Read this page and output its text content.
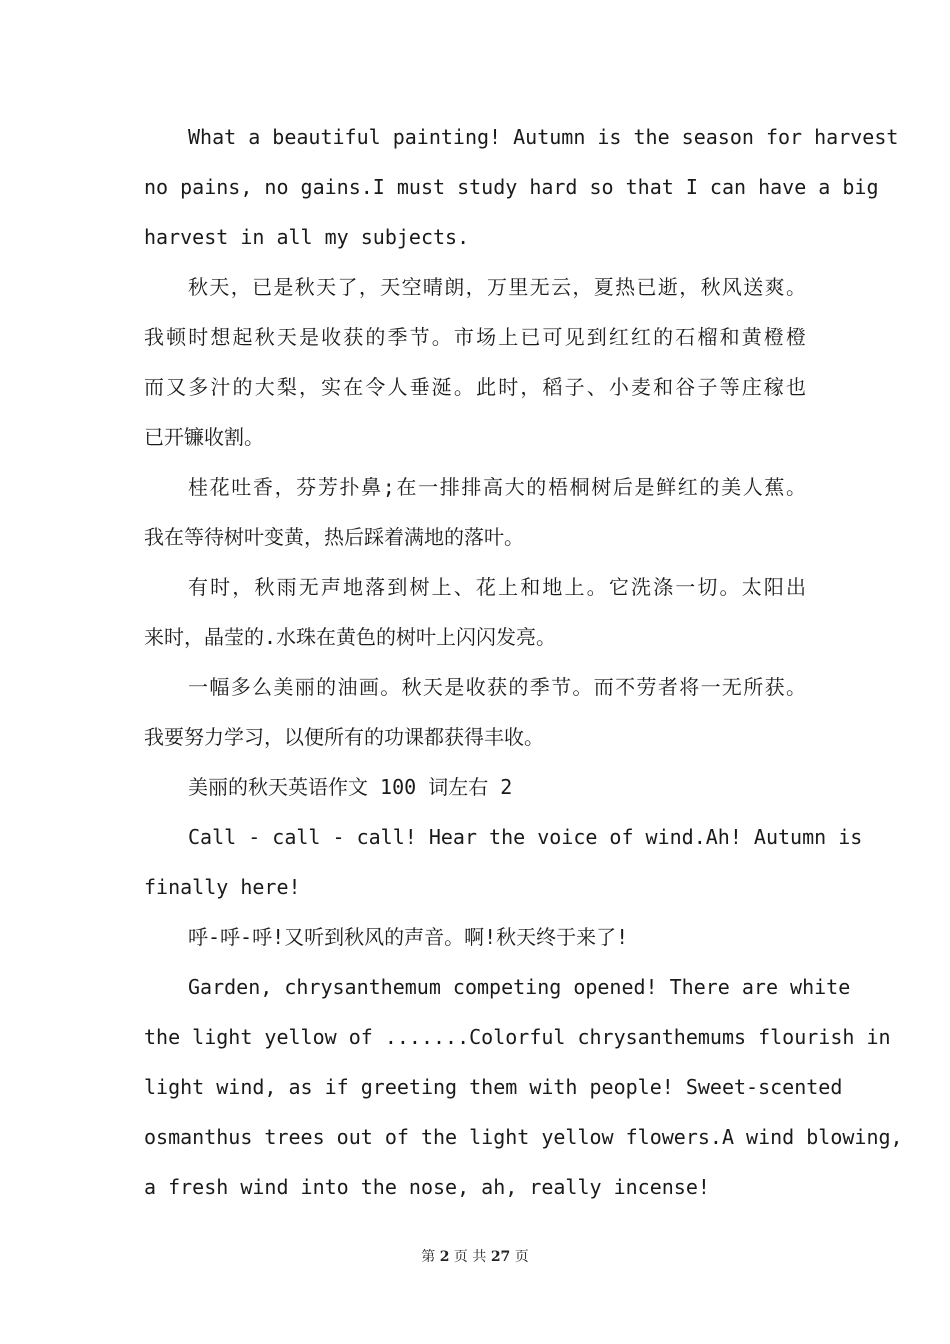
What a beautiful painting! Autumn is the season for harvest
no pains, no gains.I must study hard so that I can have a big
harvest in all my subjects.
秋天，已是秋天了，天空晴朗，万里无云，夏热已逝，秋风送爽。
我顿时想起秋天是收获的季节。市场上已可见到红红的石榴和黄橙橙
而又多汁的大梨，实在令人垂涎。此时，稻子、小麦和谷子等庄稼也
已开镰收割。
桂花吐香，芬芳扑鼻;在一排排高大的梧桐树后是鲜红的美人蕉。
我在等待树叶变黄，热后踩着满地的落叶。
有时，秋雨无声地落到树上、花上和地上。它洗涤一切。太阳出
来时，晶莹的.水珠在黄色的树叶上闪闪发亮。
一幅多么美丽的油画。秋天是收获的季节。而不劳者将一无所获。
我要努力学习，以便所有的功课都获得丰收。
美丽的秋天英语作文 100 词左右 2
Call - call - call! Hear the voice of wind.Ah! Autumn is
finally here!
呼-呼-呼!又听到秋风的声音。啊!秋天终于来了!
Garden, chrysanthemum competing opened! There are white
the light yellow of .......Colorful chrysanthemums flourish in
light wind, as if greeting them with people! Sweet-scented
osmanthus trees out of the light yellow flowers.A wind blowing,
a fresh wind into the nose, ah, really incense!
第 2 页 共 27 页
